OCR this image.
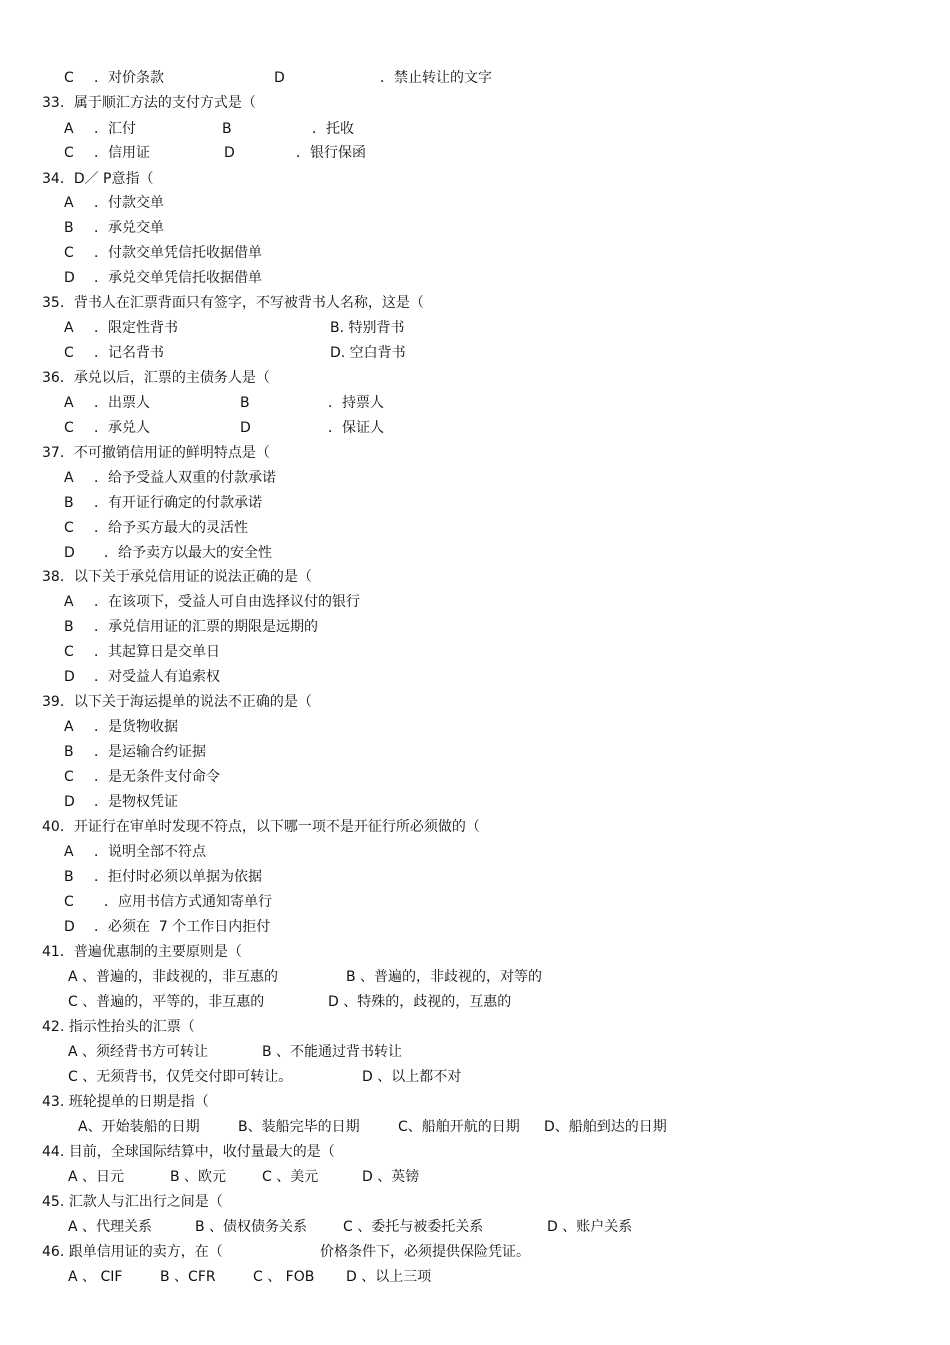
C ．对价条款	D	．禁止转让的文字
33．属于顺汇方法的支付方式是（
A ．汇付	B	．托收
C ．信用证	D	．银行保函
34．D／ P意指（
A ．付款交单
B ．承兑交单
C ．付款交单凭信托收据借单
D ．承兑交单凭信托收据借单
35．背书人在汇票背面只有签字，不写被背书人名称，这是（
A ．限定性背书	B. 特别背书
C ．记名背书	D. 空白背书
36．承兑以后，汇票的主债务人是（
A ．出票人	B	．持票人
C ．承兑人	D	．保证人
37．不可撤销信用证的鲜明特点是（
A ．给予受益人双重的付款承诺
B ．有开证行确定的付款承诺
C ．给予买方最大的灵活性
D ．给予卖方以最大的安全性
38．以下关于承兑信用证的说法正确的是（
A ．在该项下，受益人可自由选择议付的银行
B ．承兑信用证的汇票的期限是远期的
C ．其起算日是交单日
D ．对受益人有追索权
39．以下关于海运提单的说法不正确的是（
A ．是货物收据
B ．是运输合约证据
C ．是无条件支付命令
D ．是物权凭证
40．开证行在审单时发现不符点，以下哪一项不是开征行所必须做的（
A ．说明全部不符点
B ．拒付时必须以单据为依据
C ．应用书信方式通知寄单行
D ．必须在  7 个工作日内拒付
41．普遍优惠制的主要原则是（
A 、普遍的，非歧视的，非互惠的	B 、普遍的，非歧视的，对等的
C 、普遍的，平等的，非互惠的	D 、特殊的，歧视的，互惠的
42. 指示性抬头的汇票（
A 、须经背书方可转让	B 、不能通过背书转让
C 、无须背书，仅凭交付即可转让。	D 、以上都不对
43. 班轮提单的日期是指（
A、开始装船的日期	B、装船完毕的日期	C、船舶开航的日期 D、船舶到达的日期
44. 目前，全球国际结算中，收付量最大的是（
A 、日元	B 、欧元	C 、美元	D 、英镑
45. 汇款人与汇出行之间是（
A 、代理关系	B 、债权债务关系	C 、委托与被委托关系	D 、账户关系
46. 跟单信用证的卖方，在（	价格条件下，必须提供保险凭证。
A 、 CIF	B 、CFR	C 、 FOB D 、以上三项
